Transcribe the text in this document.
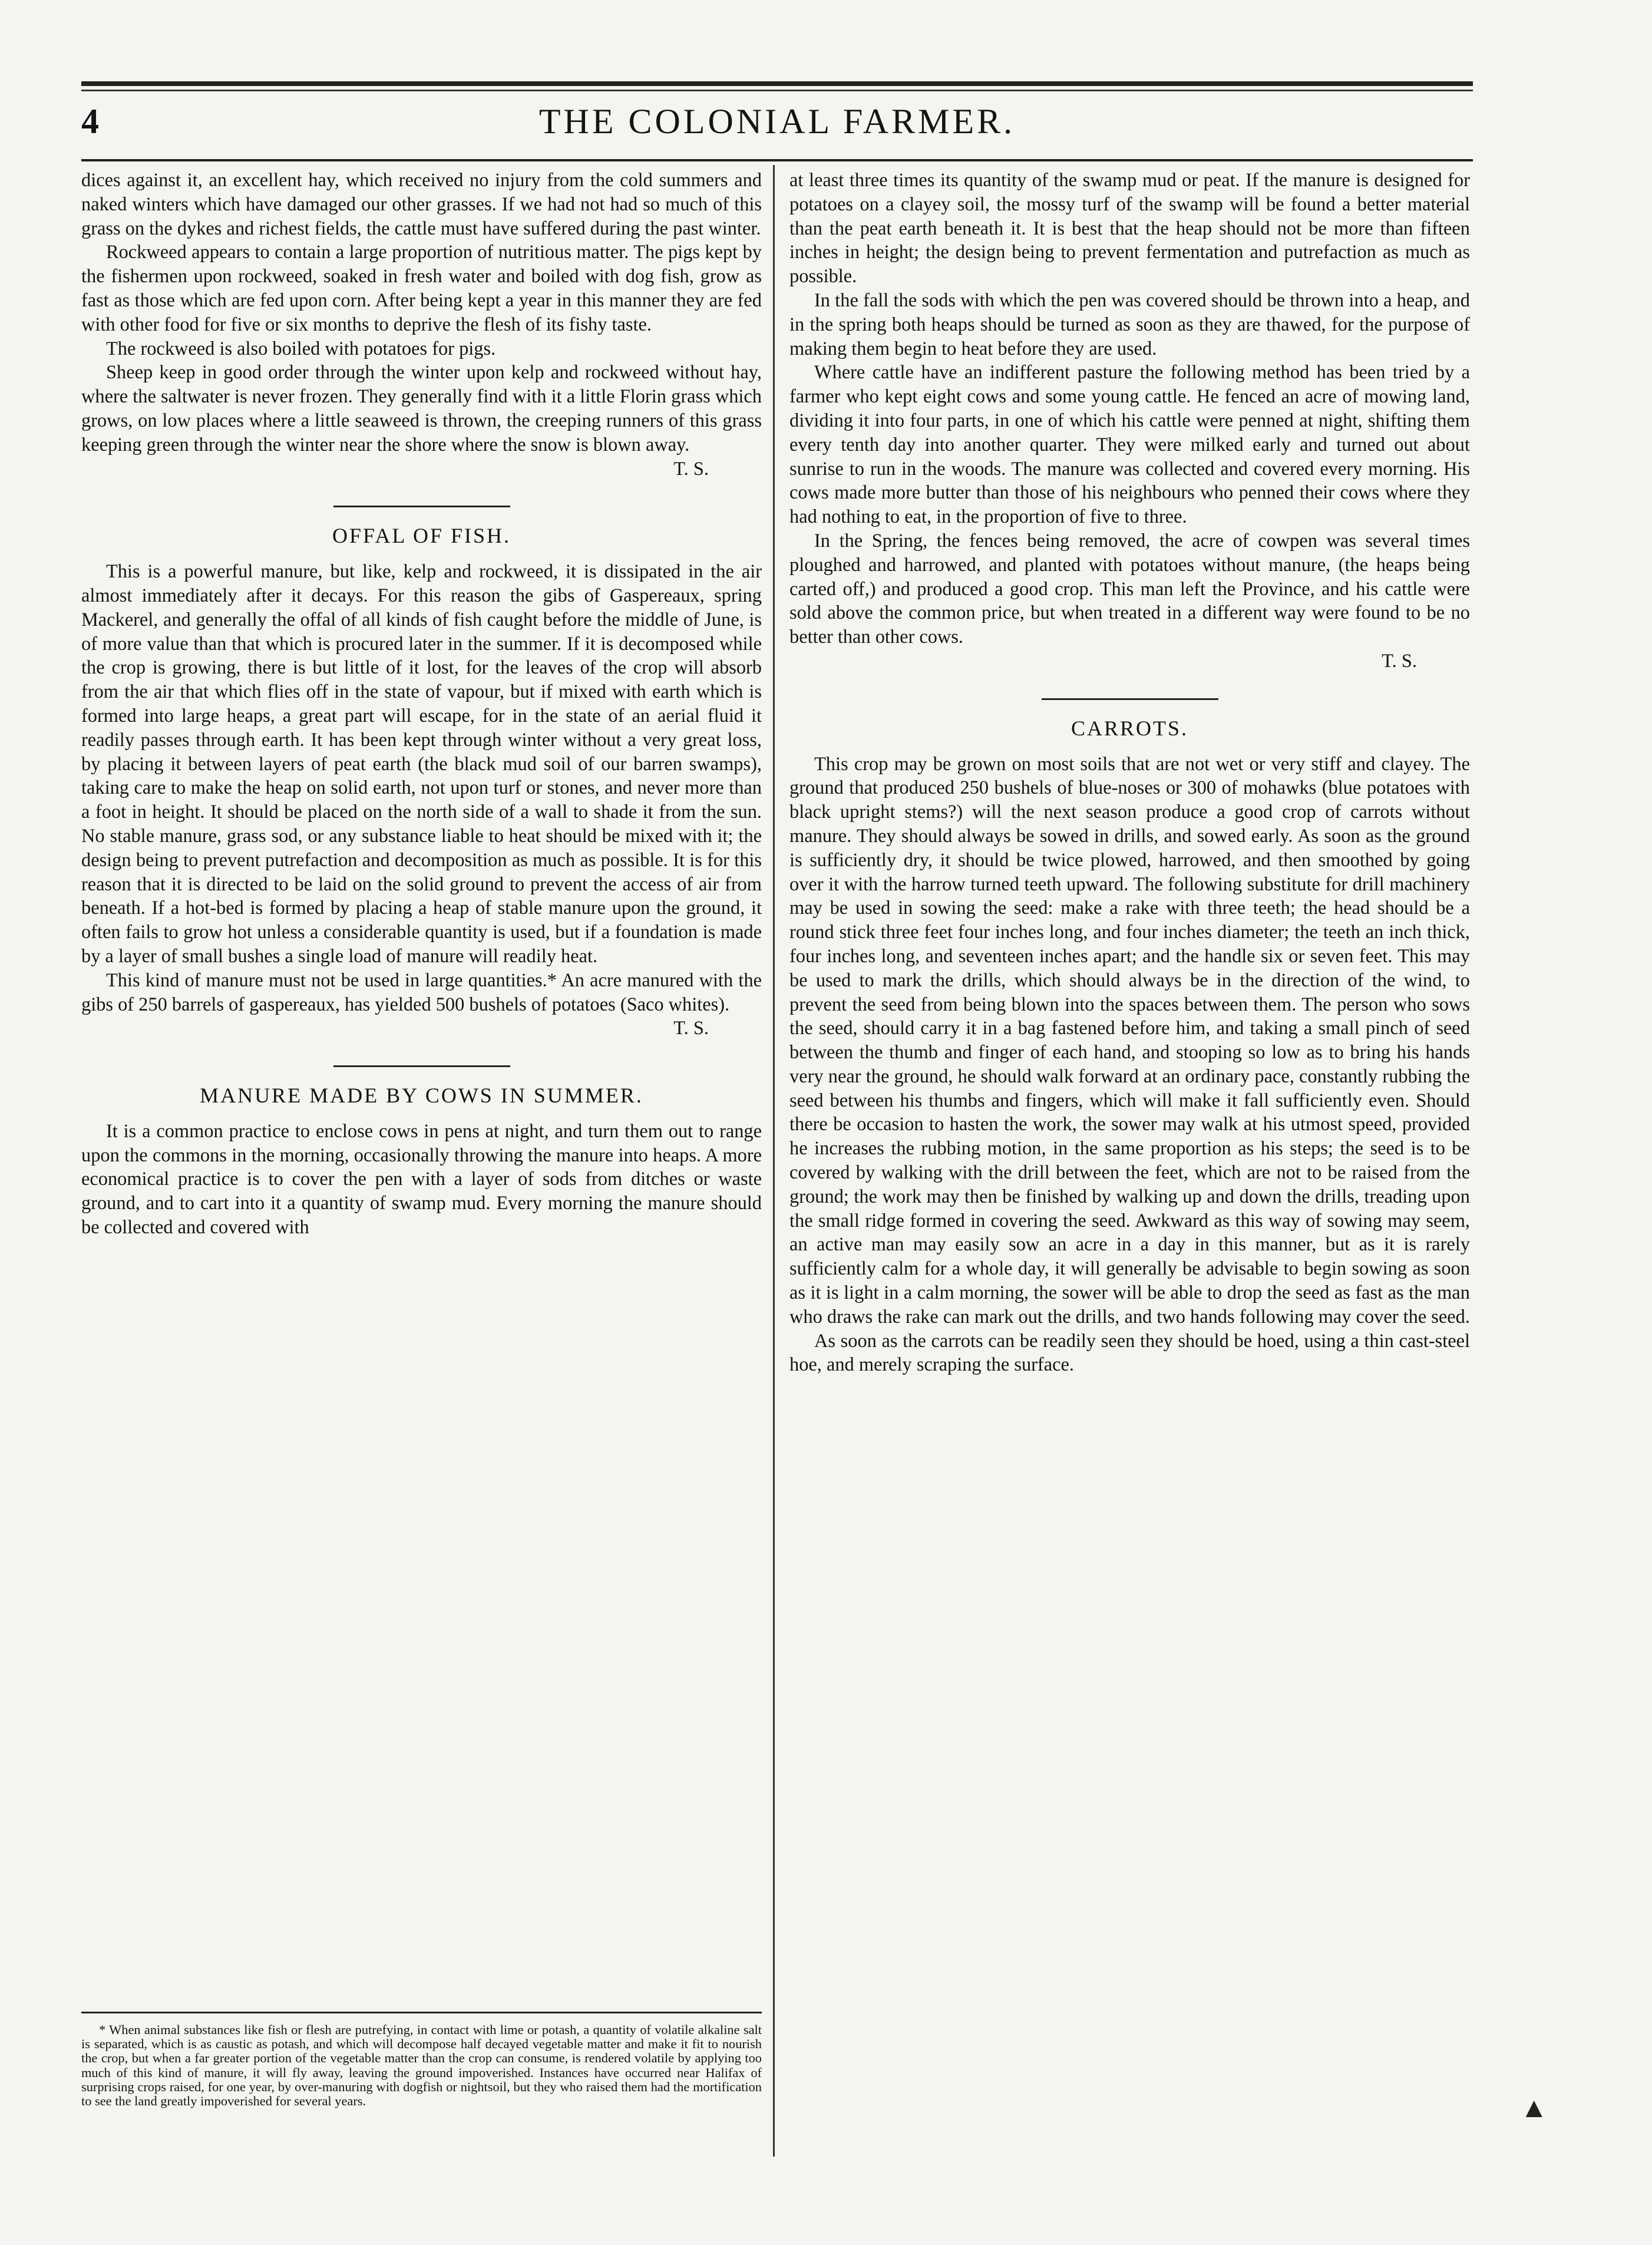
4	THE COLONIAL FARMER.

dices against it, an excellent hay, which received no injury from the cold summers and naked winters which have damaged our other grasses. If we had not had so much of this grass on the dykes and richest fields, the cattle must have suffered during the past winter.

Rockweed appears to contain a large proportion of nutritious matter. The pigs kept by the fishermen upon rockweed, soaked in fresh water and boiled with dog fish, grow as fast as those which are fed upon corn. After being kept a year in this manner they are fed with other food for five or six months to deprive the flesh of its fishy taste.

The rockweed is also boiled with potatoes for pigs.

Sheep keep in good order through the winter upon kelp and rockweed without hay, where the saltwater is never frozen. They generally find with it a little Florin grass which grows, on low places where a little seaweed is thrown, the creeping runners of this grass keeping green through the winter near the shore where the snow is blown away.

T. S.

OFFAL OF FISH.

This is a powerful manure, but like, kelp and rockweed, it is dissipated in the air almost immediately after it decays. For this reason the gibs of Gaspereaux, spring Mackerel, and generally the offal of all kinds of fish caught before the middle of June, is of more value than that which is procured later in the summer. If it is decomposed while the crop is growing, there is but little of it lost, for the leaves of the crop will absorb from the air that which flies off in the state of vapour, but if mixed with earth which is formed into large heaps, a great part will escape, for in the state of an aerial fluid it readily passes through earth. It has been kept through winter without a very great loss, by placing it between layers of peat earth (the black mud soil of our barren swamps), taking care to make the heap on solid earth, not upon turf or stones, and never more than a foot in height. It should be placed on the north side of a wall to shade it from the sun. No stable manure, grass sod, or any substance liable to heat should be mixed with it; the design being to prevent putrefaction and decomposition as much as possible. It is for this reason that it is directed to be laid on the solid ground to prevent the access of air from beneath. If a hot-bed is formed by placing a heap of stable manure upon the ground, it often fails to grow hot unless a considerable quantity is used, but if a foundation is made by a layer of small bushes a single load of manure will readily heat.

This kind of manure must not be used in large quantities.* An acre manured with the gibs of 250 barrels of gaspereaux, has yielded 500 bushels of potatoes (Saco whites).

T. S.

MANURE MADE BY COWS IN SUMMER.

It is a common practice to enclose cows in pens at night, and turn them out to range upon the commons in the morning, occasionally throwing the manure into heaps. A more economical practice is to cover the pen with a layer of sods from ditches or waste ground, and to cart into it a quantity of swamp mud. Every morning the manure should be collected and covered with

* When animal substances like fish or flesh are putrefying, in contact with lime or potash, a quantity of volatile alkaline salt is separated, which is as caustic as potash, and which will decompose half decayed vegetable matter and make it fit to nourish the crop, but when a far greater portion of the vegetable matter than the crop can consume, is rendered volatile by applying too much of this kind of manure, it will fly away, leaving the ground impoverished. Instances have occurred near Halifax of surprising crops raised, for one year, by over-manuring with dogfish or nightsoil, but they who raised them had the mortification to see the land greatly impoverished for several years.

at least three times its quantity of the swamp mud or peat. If the manure is designed for potatoes on a clayey soil, the mossy turf of the swamp will be found a better material than the peat earth beneath it. It is best that the heap should not be more than fifteen inches in height; the design being to prevent fermentation and putrefaction as much as possible.

In the fall the sods with which the pen was covered should be thrown into a heap, and in the spring both heaps should be turned as soon as they are thawed, for the purpose of making them begin to heat before they are used.

Where cattle have an indifferent pasture the following method has been tried by a farmer who kept eight cows and some young cattle. He fenced an acre of mowing land, dividing it into four parts, in one of which his cattle were penned at night, shifting them every tenth day into another quarter. They were milked early and turned out about sunrise to run in the woods. The manure was collected and covered every morning. His cows made more butter than those of his neighbours who penned their cows where they had nothing to eat, in the proportion of five to three.

In the Spring, the fences being removed, the acre of cowpen was several times ploughed and harrowed, and planted with potatoes without manure, (the heaps being carted off,) and produced a good crop. This man left the Province, and his cattle were sold above the common price, but when treated in a different way were found to be no better than other cows.

T. S.

CARROTS.

This crop may be grown on most soils that are not wet or very stiff and clayey. The ground that produced 250 bushels of blue-noses or 300 of mohawks (blue potatoes with black upright stems?) will the next season produce a good crop of carrots without manure. They should always be sowed in drills, and sowed early. As soon as the ground is sufficiently dry, it should be twice plowed, harrowed, and then smoothed by going over it with the harrow turned teeth upward. The following substitute for drill machinery may be used in sowing the seed: make a rake with three teeth; the head should be a round stick three feet four inches long, and four inches diameter; the teeth an inch thick, four inches long, and seventeen inches apart; and the handle six or seven feet. This may be used to mark the drills, which should always be in the direction of the wind, to prevent the seed from being blown into the spaces between them. The person who sows the seed, should carry it in a bag fastened before him, and taking a small pinch of seed between the thumb and finger of each hand, and stooping so low as to bring his hands very near the ground, he should walk forward at an ordinary pace, constantly rubbing the seed between his thumbs and fingers, which will make it fall sufficiently even. Should there be occasion to hasten the work, the sower may walk at his utmost speed, provided he increases the rubbing motion, in the same proportion as his steps; the seed is to be covered by walking with the drill between the feet, which are not to be raised from the ground; the work may then be finished by walking up and down the drills, treading upon the small ridge formed in covering the seed. Awkward as this way of sowing may seem, an active man may easily sow an acre in a day in this manner, but as it is rarely sufficiently calm for a whole day, it will generally be advisable to begin sowing as soon as it is light in a calm morning, the sower will be able to drop the seed as fast as the man who draws the rake can mark out the drills, and two hands following may cover the seed.

As soon as the carrots can be readily seen they should be hoed, using a thin cast-steel hoe, and merely scraping the surface.

▲
